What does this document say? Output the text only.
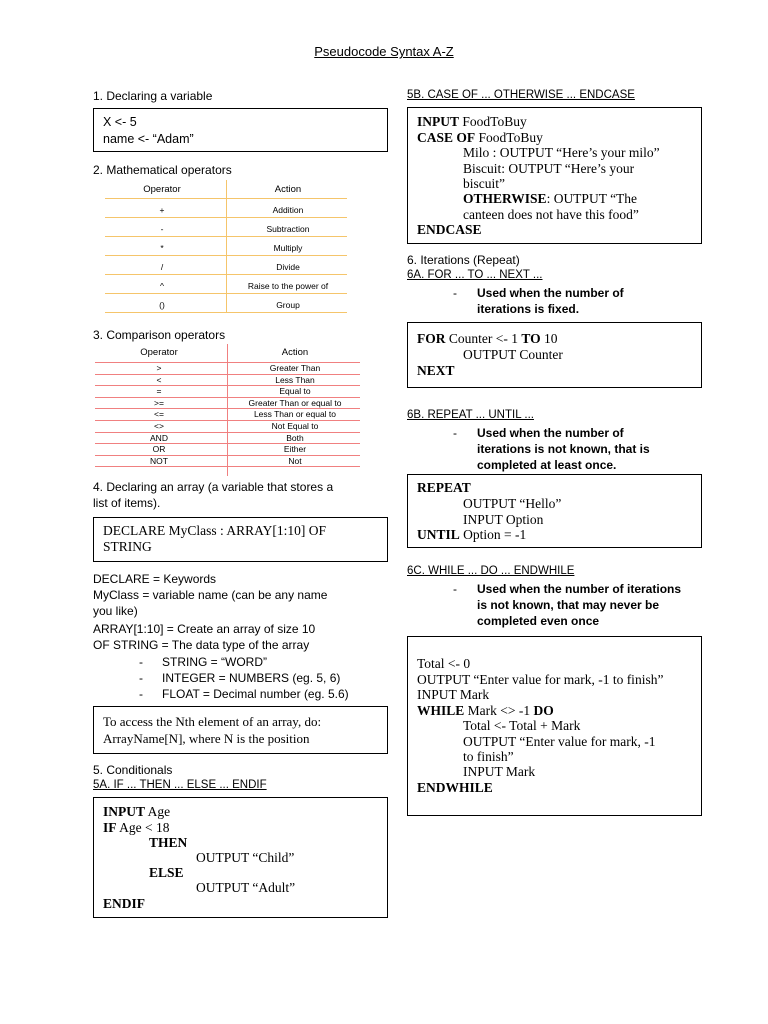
Pseudocode Syntax A-Z
1. Declaring a variable
X <- 5
name <- “Adam”
2. Mathematical operators
Operator	Action
+	Addition
-	Subtraction
*	Multiply
/	Divide
^	Raise to the power of
()	Group
3. Comparison operators
Operator	Action
>	Greater Than
<	Less Than
=	Equal to
>=	Greater Than or equal to
<=	Less Than or equal to
<>	Not Equal to
AND	Both
OR	Either
NOT	Not
4. Declaring an array (a variable that stores a
list of items).
DECLARE MyClass : ARRAY[1:10] OF
STRING
DECLARE = Keywords
MyClass = variable name (can be any name
you like)
ARRAY[1:10] = Create an array of size 10
OF STRING = The data type of the array
- STRING = “WORD”
- INTEGER = NUMBERS (eg. 5, 6)
- FLOAT = Decimal number (eg. 5.6)
To access the Nth element of an array, do:
ArrayName[N], where N is the position
5. Conditionals
5A. IF ... THEN ... ELSE ... ENDIF
INPUT Age
IF Age < 18
THEN
OUTPUT “Child”
ELSE
OUTPUT “Adult”
ENDIF
5B. CASE OF ... OTHERWISE ... ENDCASE
INPUT FoodToBuy
CASE OF FoodToBuy
Milo : OUTPUT “Here’s your milo”
Biscuit: OUTPUT “Here’s your
biscuit”
OTHERWISE: OUTPUT “The
canteen does not have this food”
ENDCASE
6. Iterations (Repeat)
6A. FOR ... TO ... NEXT ...
- Used when the number of iterations is fixed.
FOR Counter <- 1 TO 10
OUTPUT Counter
NEXT
6B. REPEAT ... UNTIL ...
- Used when the number of iterations is not known, that is completed at least once.
REPEAT
OUTPUT “Hello”
INPUT Option
UNTIL Option = -1
6C. WHILE ... DO ... ENDWHILE
- Used when the number of iterations is not known, that may never be completed even once
Total <- 0
OUTPUT “Enter value for mark, -1 to finish”
INPUT Mark
WHILE Mark <> -1 DO
Total <- Total + Mark
OUTPUT “Enter value for mark, -1
to finish”
INPUT Mark
ENDWHILE
